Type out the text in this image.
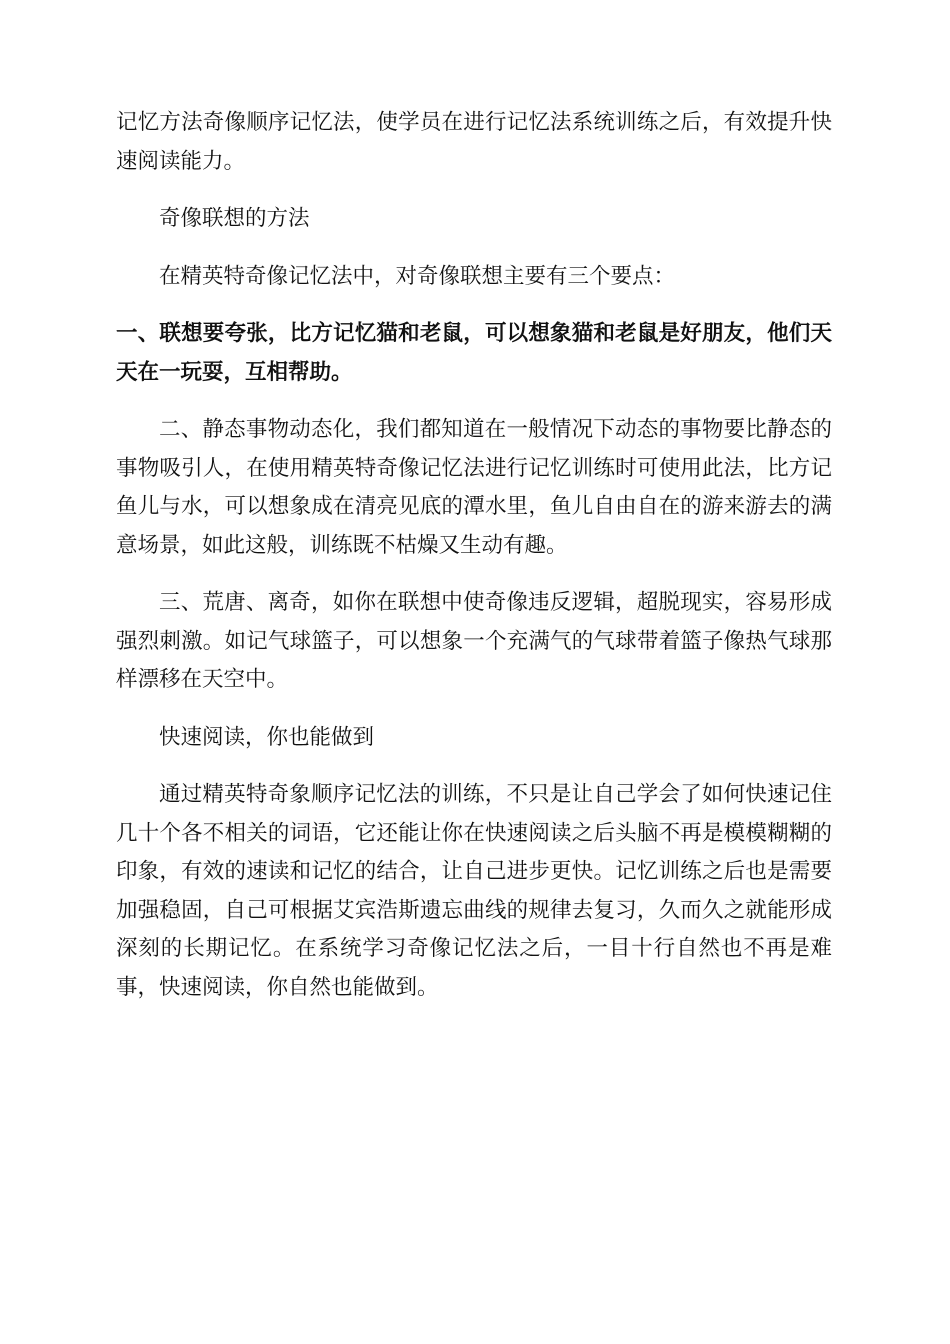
记忆方法奇像顺序记忆法，使学员在进行记忆法系统训练之后，有效提升快速阅读能力。

奇像联想的方法

在精英特奇像记忆法中，对奇像联想主要有三个要点：

一、联想要夸张，比方记忆猫和老鼠，可以想象猫和老鼠是好朋友，他们天天在一玩耍，互相帮助。

二、静态事物动态化，我们都知道在一般情况下动态的事物要比静态的事物吸引人，在使用精英特奇像记忆法进行记忆训练时可使用此法，比方记鱼儿与水，可以想象成在清亮见底的潭水里，鱼儿自由自在的游来游去的满意场景，如此这般，训练既不枯燥又生动有趣。

三、荒唐、离奇，如你在联想中使奇像违反逻辑，超脱现实，容易形成强烈刺激。如记气球篮子，可以想象一个充满气的气球带着篮子像热气球那样漂移在天空中。

快速阅读，你也能做到

通过精英特奇象顺序记忆法的训练，不只是让自己学会了如何快速记住几十个各不相关的词语，它还能让你在快速阅读之后头脑不再是模模糊糊的印象，有效的速读和记忆的结合，让自己进步更快。记忆训练之后也是需要加强稳固，自己可根据艾宾浩斯遗忘曲线的规律去复习，久而久之就能形成深刻的长期记忆。在系统学习奇像记忆法之后，一目十行自然也不再是难事，快速阅读，你自然也能做到。
